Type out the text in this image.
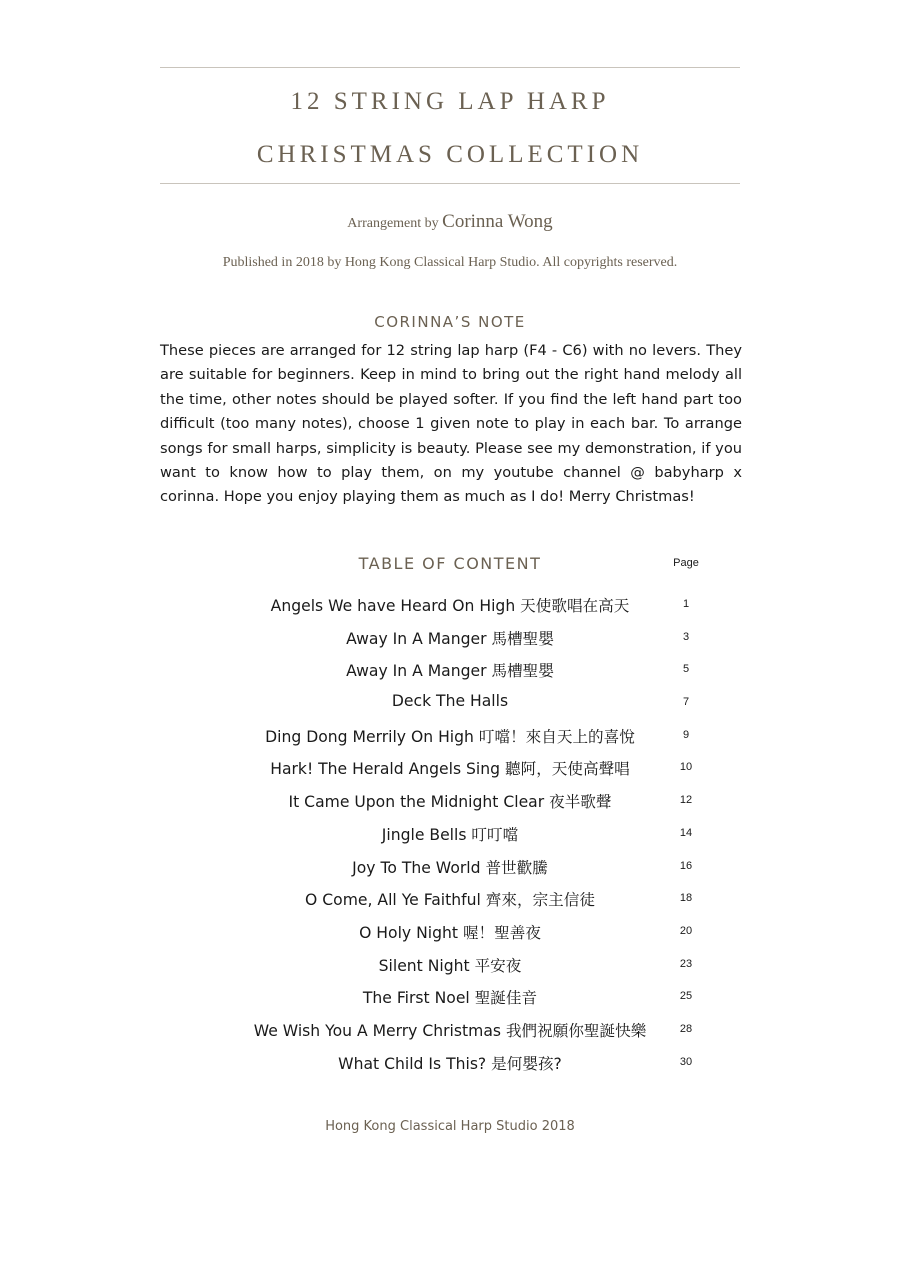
12 STRING LAP HARP
CHRISTMAS COLLECTION
Arrangement by Corinna Wong
Published in 2018 by Hong Kong Classical Harp Studio. All copyrights reserved.
CORINNA’S NOTE

These pieces are arranged for 12 string lap harp (F4 - C6) with no levers. They are suitable for beginners. Keep in mind to bring out the right hand melody all the time, other notes should be played softer. If you find the left hand part too difficult (too many notes), choose 1 given note to play in each bar. To arrange songs for small harps, simplicity is beauty. Please see my demonstration, if you want to know how to play them, on my youtube channel @ babyharp x corinna. Hope you enjoy playing them as much as I do! Merry Christmas!

TABLE OF CONTENT	Page
Angels We have Heard On High 天使歌唱在高天	1
Away In A Manger 馬槽聖嬰	3
Away In A Manger 馬槽聖嬰	5
Deck The Halls	7
Ding Dong Merrily On High 叮噹！來自天上的喜悅	9
Hark! The Herald Angels Sing 聽阿，天使高聲唱	10
It Came Upon the Midnight Clear 夜半歌聲	12
Jingle Bells 叮叮噹	14
Joy To The World 普世歡騰	16
O Come, All Ye Faithful 齊來，宗主信徒	18
O Holy Night 喔！聖善夜	20
Silent Night 平安夜	23
The First Noel 聖誕佳音	25
We Wish You A Merry Christmas 我們祝願你聖誕快樂	28
What Child Is This? 是何嬰孩?	30
Hong Kong Classical Harp Studio 2018
